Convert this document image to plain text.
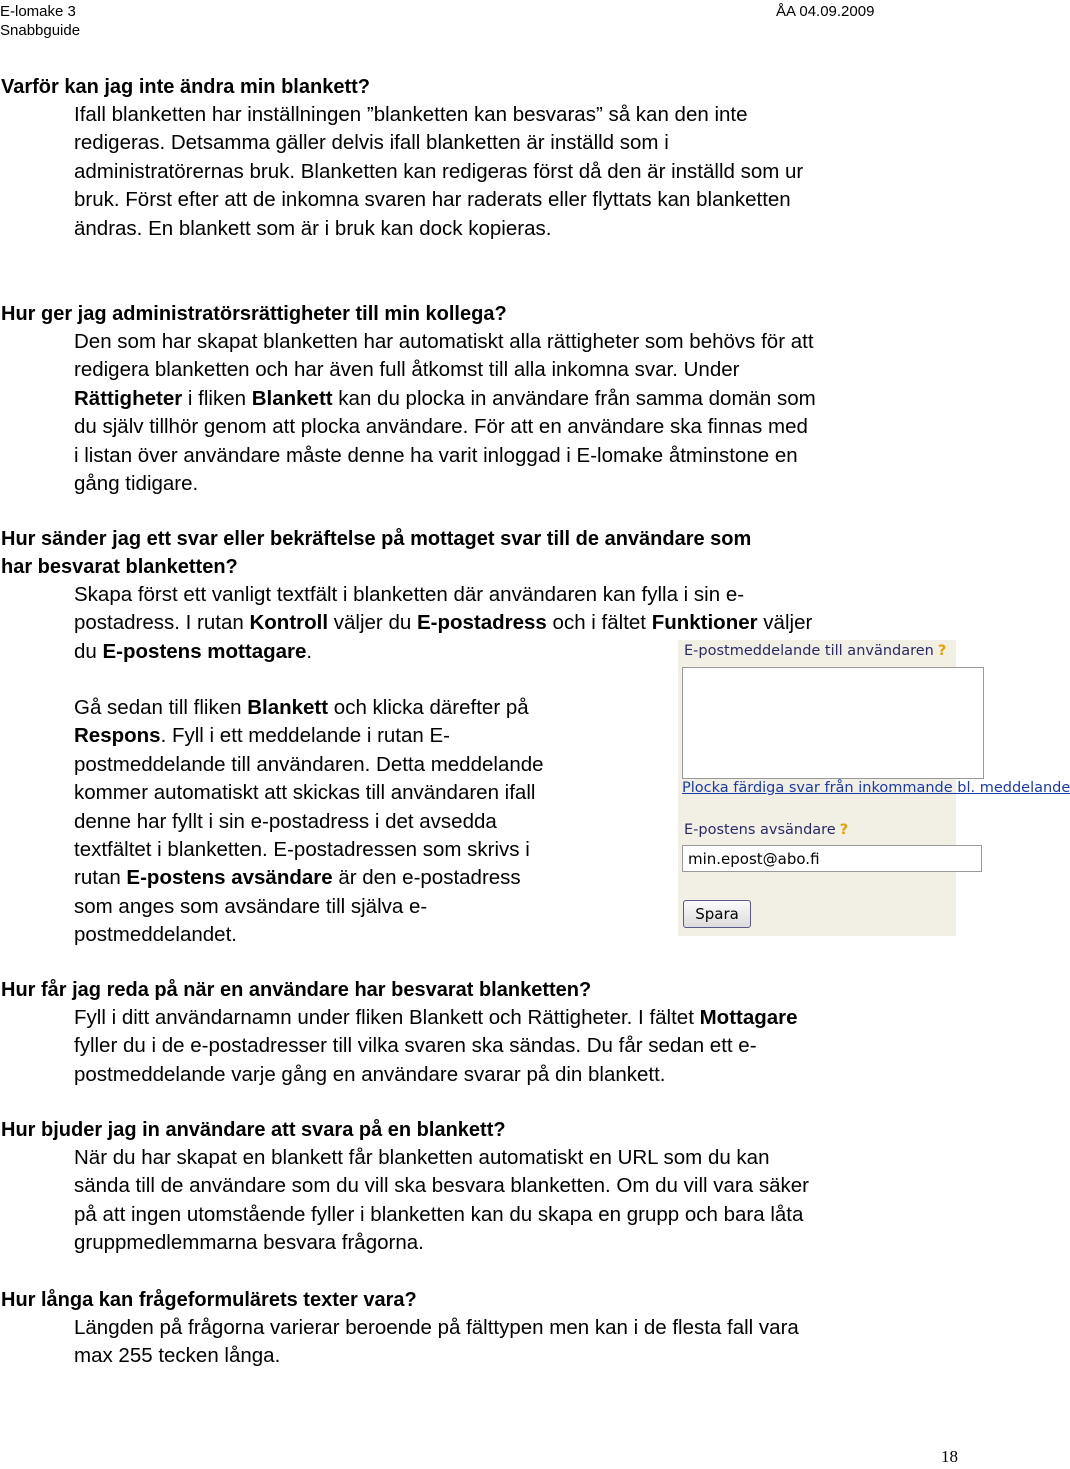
E-lomake 3
Snabbguide
ÅA 04.09.2009

Varför kan jag inte ändra min blankett?

Ifall blanketten har inställningen ”blanketten kan besvaras” så kan den inte
redigeras. Detsamma gäller delvis ifall blanketten är inställd som i
administratörernas bruk. Blanketten kan redigeras först då den är inställd som ur
bruk. Först efter att de inkomna svaren har raderats eller flyttats kan blanketten
ändras. En blankett som är i bruk kan dock kopieras.

Hur ger jag administratörsrättigheter till min kollega?

Den som har skapat blanketten har automatiskt alla rättigheter som behövs för att
redigera blanketten och har även full åtkomst till alla inkomna svar. Under
Rättigheter i fliken Blankett kan du plocka in användare från samma domän som
du själv tillhör genom att plocka användare. För att en användare ska finnas med
i listan över användare måste denne ha varit inloggad i E-lomake åtminstone en
gång tidigare.
Hur sänder jag ett svar eller bekräftelse på mottaget svar till de användare som
har besvarat blanketten?
Skapa först ett vanligt textfält i blanketten där användaren kan fylla i sin e-
postadress. I rutan Kontroll väljer du E-postadress och i fältet Funktioner väljer
du E-postens mottagare.
Gå sedan till fliken Blankett och klicka därefter på
Respons. Fyll i ett meddelande i rutan E-
postmeddelande till användaren. Detta meddelande
kommer automatiskt att skickas till användaren ifall
denne har fyllt i sin e-postadress i det avsedda
textfältet i blanketten. E-postadressen som skrivs i
rutan E-postens avsändare är den e-postadress
som anges som avsändare till själva e-
postmeddelandet.
E-postmeddelande till användaren ?
Plocka färdiga svar från inkommande bl. meddelande
E-postens avsändare ?
min.epost@abo.fi
Spara

Hur får jag reda på när en användare har besvarat blanketten?

Fyll i ditt användarnamn under fliken Blankett och Rättigheter. I fältet Mottagare
fyller du i de e-postadresser till vilka svaren ska sändas. Du får sedan ett e-
postmeddelande varje gång en användare svarar på din blankett.

Hur bjuder jag in användare att svara på en blankett?

När du har skapat en blankett får blanketten automatiskt en URL som du kan
sända till de användare som du vill ska besvara blanketten. Om du vill vara säker
på att ingen utomstående fyller i blanketten kan du skapa en grupp och bara låta
gruppmedlemmarna besvara frågorna.

Hur långa kan frågeformulärets texter vara?

Längden på frågorna varierar beroende på fälttypen men kan i de flesta fall vara
max 255 tecken långa.
18
